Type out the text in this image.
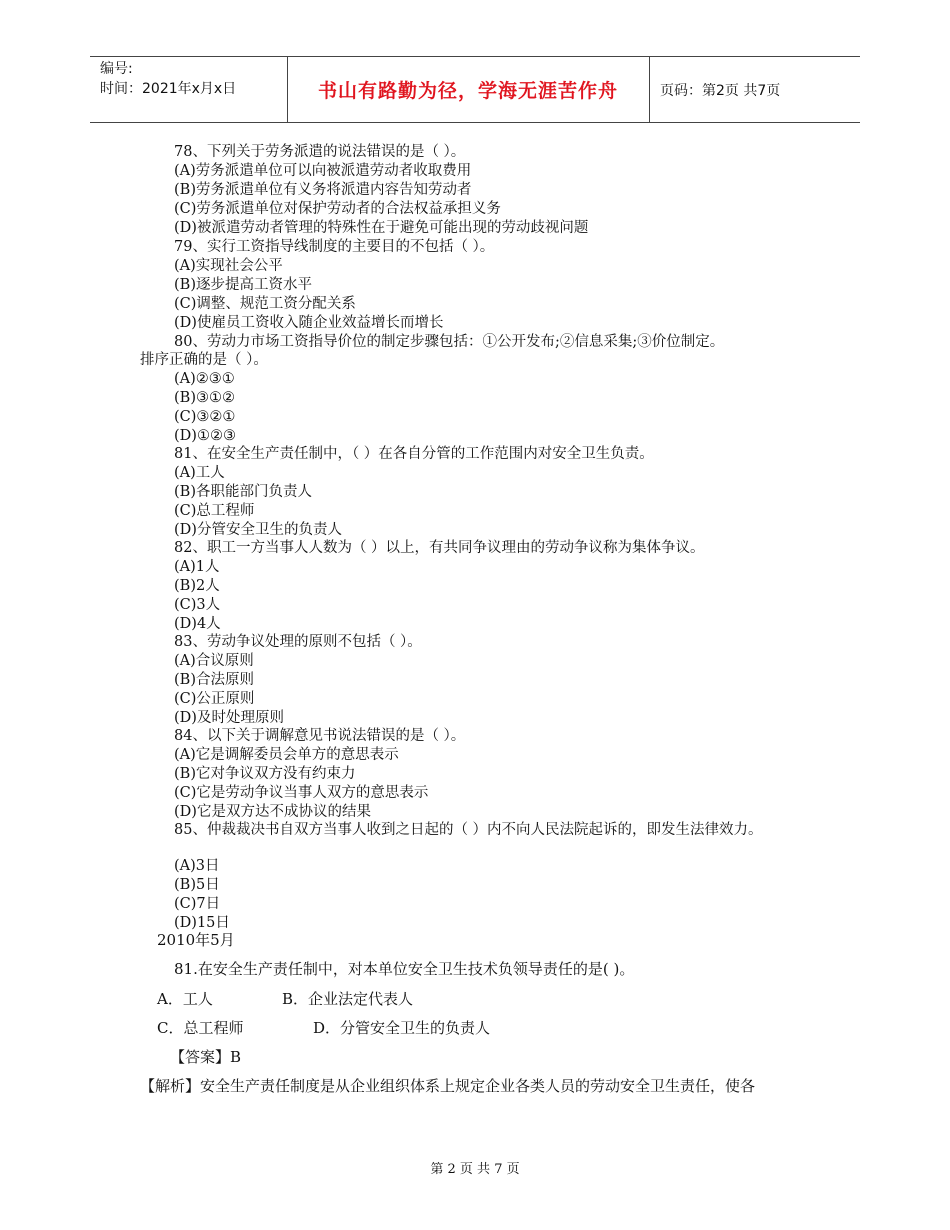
编号:
时间：2021年x月x日	书山有路勤为径，学海无涯苦作舟	页码：第2页 共7页
78、下列关于劳务派遣的说法错误的是（ ）。
(A)劳务派遣单位可以向被派遣劳动者收取费用
(B)劳务派遣单位有义务将派遣内容告知劳动者
(C)劳务派遣单位对保护劳动者的合法权益承担义务
(D)被派遣劳动者管理的特殊性在于避免可能出现的劳动歧视问题
79、实行工资指导线制度的主要目的不包括（ ）。
(A)实现社会公平
(B)逐步提高工资水平
(C)调整、规范工资分配关系
(D)使雇员工资收入随企业效益增长而增长
80、劳动力市场工资指导价位的制定步骤包括：①公开发布;②信息采集;③价位制定。
排序正确的是（ ）。
(A)②③①
(B)③①②
(C)③②①
(D)①②③
81、在安全生产责任制中，（ ）在各自分管的工作范围内对安全卫生负责。
(A)工人
(B)各职能部门负责人
(C)总工程师
(D)分管安全卫生的负责人
82、职工一方当事人人数为（ ）以上，有共同争议理由的劳动争议称为集体争议。
(A)1人
(B)2人
(C)3人
(D)4人
83、劳动争议处理的原则不包括（ ）。
(A)合议原则
(B)合法原则
(C)公正原则
(D)及时处理原则
84、以下关于调解意见书说法错误的是（ ）。
(A)它是调解委员会单方的意思表示
(B)它对争议双方没有约束力
(C)它是劳动争议当事人双方的意思表示
(D)它是双方达不成协议的结果
85、仲裁裁决书自双方当事人收到之日起的（ ）内不向人民法院起诉的，即发生法律效力。
(A)3日
(B)5日
(C)7日
(D)15日
2010年5月
81.在安全生产责任制中，对本单位安全卫生技术负领导责任的是( )。
A．工人	B．企业法定代表人
C．总工程师	D．分管安全卫生的负责人
【答案】B
【解析】安全生产责任制度是从企业组织体系上规定企业各类人员的劳动安全卫生责任，使各
第 2 页 共 7 页
